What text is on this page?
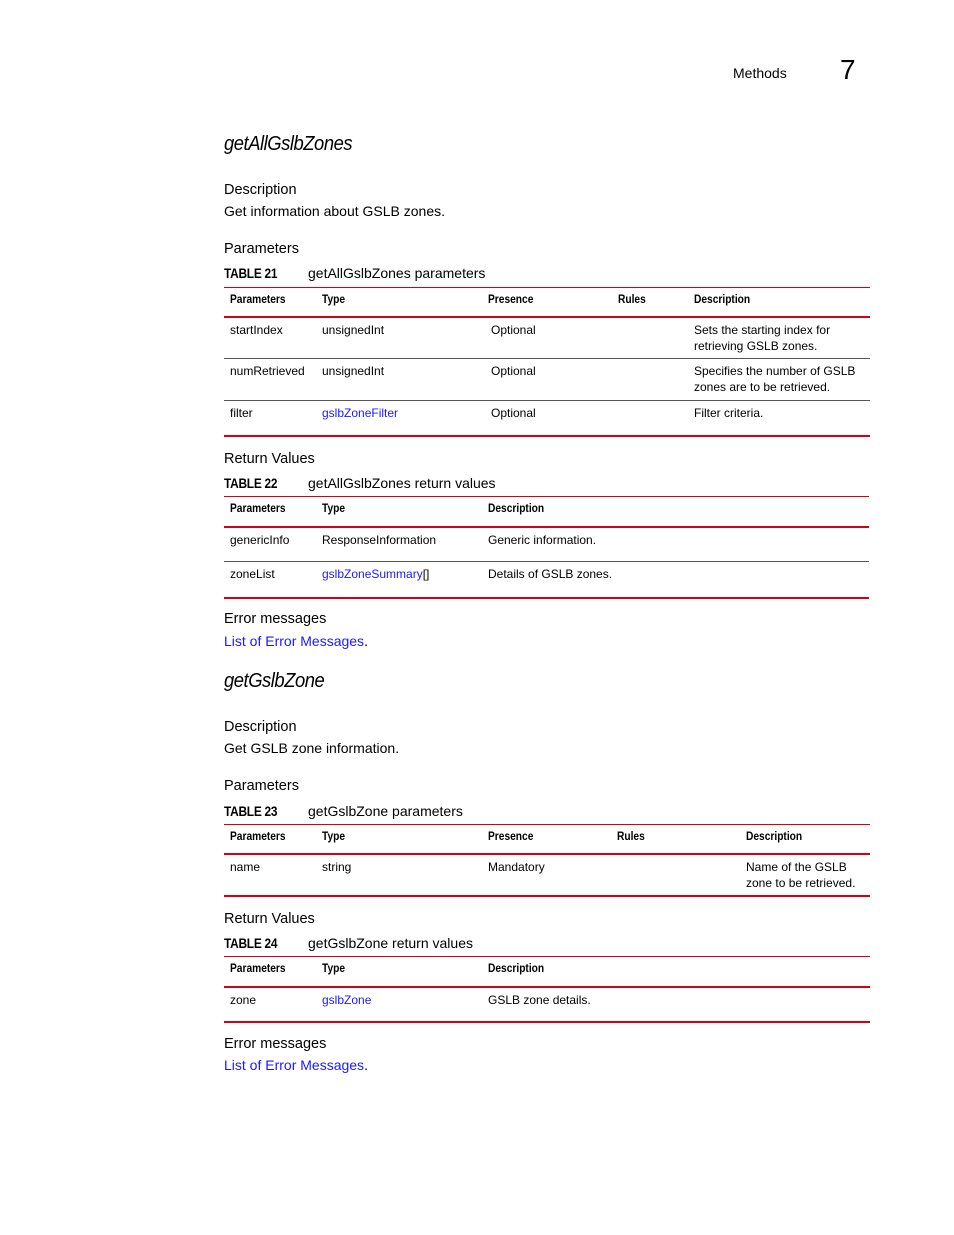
Methods 7
getAllGslbZones
Description
Get information about GSLB zones.
Parameters
TABLE 21 getAllGslbZones parameters
Parameters	Type	Presence	Rules	Description
startIndex	unsignedInt	Optional		Sets the starting index for
retrieving GSLB zones.
numRetrieved	unsignedInt	Optional		Specifies the number of GSLB
zones are to be retrieved.
filter	gslbZoneFilter	Optional		Filter criteria.
Return Values
TABLE 22 getAllGslbZones return values
Parameters	Type	Description
genericInfo	ResponseInformation	Generic information.
zoneList	gslbZoneSummary[]	Details of GSLB zones.
Error messages
List of Error Messages.
getGslbZone
Description
Get GSLB zone information.
Parameters
TABLE 23 getGslbZone parameters
Parameters	Type	Presence	Rules	Description
name	string	Mandatory		Name of the GSLB
zone to be retrieved.
Return Values
TABLE 24 getGslbZone return values
Parameters	Type	Description
zone	gslbZone	GSLB zone details.
Error messages
List of Error Messages.
